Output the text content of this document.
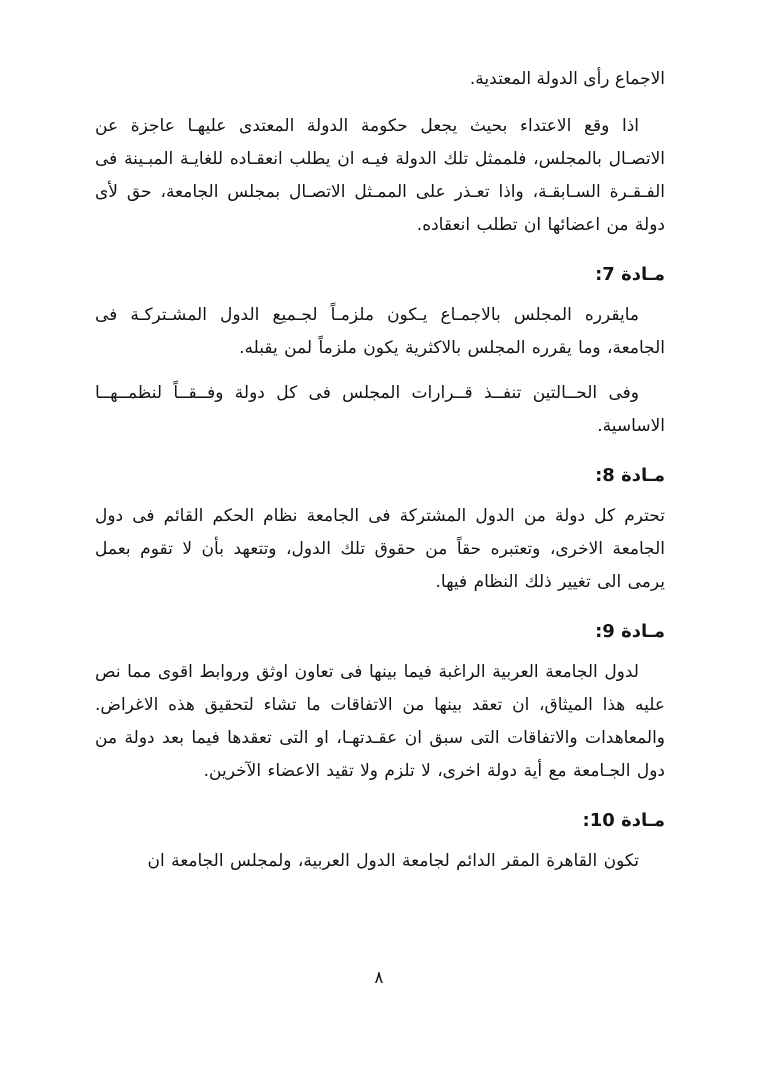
الاجماع رأى الدولة المعتدية.

اذا وقع الاعتداء بحيث يجعل حكومة الدولة المعتدى عليهـا عاجزة عن الاتصـال بالمجلس، فلممثل تلك الدولة فيـه ان يطلب انعقـاده للغايـة المبـينة فى الفـقـرة السـابقـة، واذا تعـذر على الممـثل الاتصـال بمجلس الجامعة، حق لأى دولة من اعضائها ان تطلب انعقاده.

مـادة 7:

مايقرره المجلس بالاجمـاع يـكون ملزمـاً لجـميع الدول المشـتركـة فى الجامعة، وما يقرره المجلس بالاكثرية يكون ملزماً لمن يقبله.

وفى الحــالتين تنفــذ قــرارات المجلس فى كل دولة وفــقــاً لنظمــهــا الاساسية.

مـادة 8:

تحترم كل دولة من الدول المشتركة فى الجامعة نظام الحكم القائم فى دول الجامعة الاخرى، وتعتبره حقاً من حقوق تلك الدول، وتتعهد بأن لا تقوم بعمل يرمى الى تغيير ذلك النظام فيها.

مـادة 9:

لدول الجامعة العربية الراغبة فيما بينها فى تعاون اوثق وروابط اقوى مما نص عليه هذا الميثاق، ان تعقد بينها من الاتفاقات ما تشاء لتحقيق هذه الاغراض. والمعاهدات والاتفاقات التى سبق ان عقـدتهـا، او التى تعقدها فيما بعد دولة من دول الجـامعة مع أية دولة اخرى، لا تلزم ولا تقيد الاعضاء الآخرين.

مـادة 10:

تكون القاهرة المقر الدائم لجامعة الدول العربية، ولمجلس الجامعة ان

٨
